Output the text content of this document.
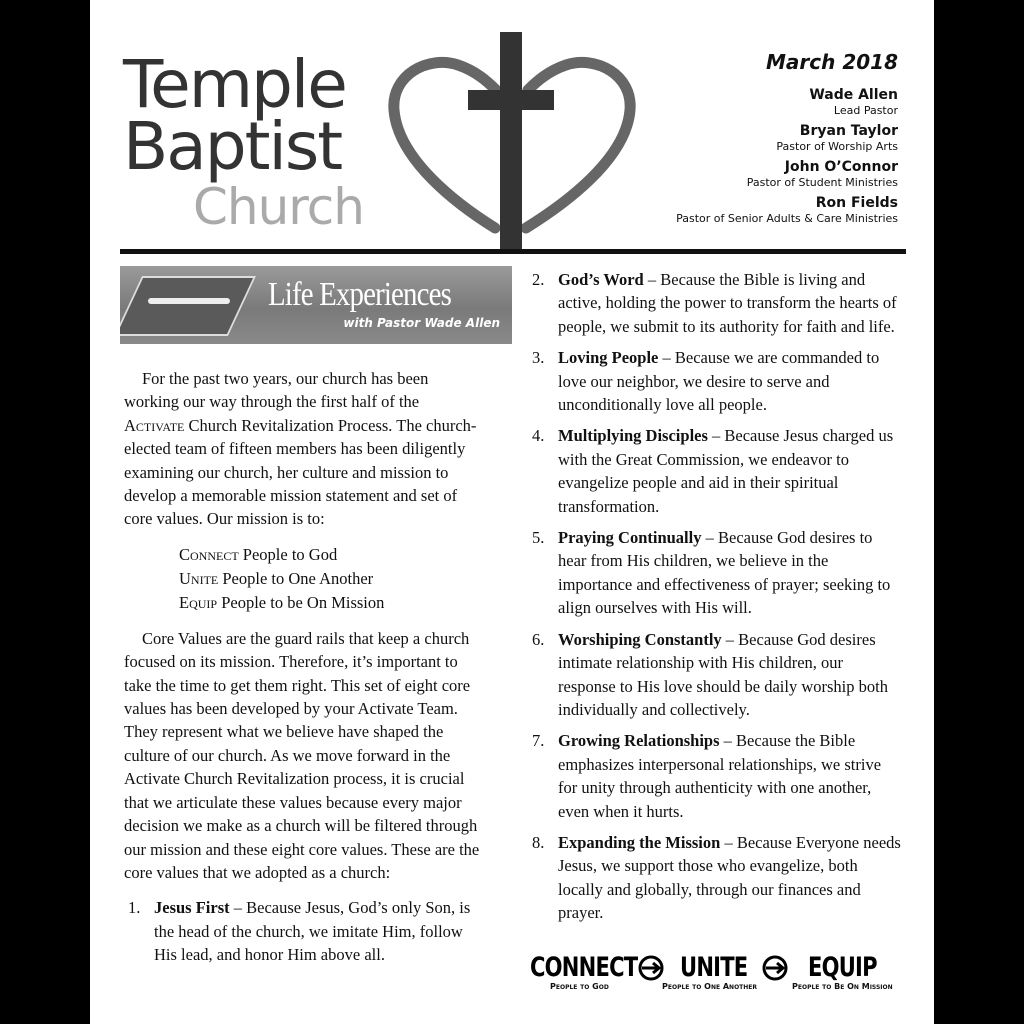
Temple
Baptist
Church
March 2018
Wade Allen
Lead Pastor
Bryan Taylor
Pastor of Worship Arts
John O’Connor
Pastor of Student Ministries
Ron Fields
Pastor of Senior Adults & Care Ministries
Life Experiences
with Pastor Wade Allen

For the past two years, our church has been working our way through the first half of the Activate Church Revitalization Process. The church-elected team of fifteen members has been diligently examining our church, her culture and mission to develop a memorable mission statement and set of core values. Our mission is to:

Connect People to God
Unite People to One Another
Equip People to be On Mission

Core Values are the guard rails that keep a church focused on its mission. Therefore, it’s important to take the time to get them right. This set of eight core values has been developed by your Activate Team. They represent what we believe have shaped the culture of our church. As we move forward in the Activate Church Revitalization process, it is crucial that we articulate these values because every major decision we make as a church will be filtered through our mission and these eight core values. These are the core values that we adopted as a church:

1. Jesus First – Because Jesus, God’s only Son, is the head of the church, we imitate Him, follow His lead, and honor Him above all.
2. God’s Word – Because the Bible is living and active, holding the power to transform the hearts of people, we submit to its authority for faith and life.
3. Loving People – Because we are commanded to love our neighbor, we desire to serve and unconditionally love all people.
4. Multiplying Disciples – Because Jesus charged us with the Great Commission, we endeavor to evangelize people and aid in their spiritual transformation.
5. Praying Continually – Because God desires to hear from His children, we believe in the importance and effectiveness of prayer; seeking to align ourselves with His will.
6. Worshiping Constantly – Because God desires intimate relationship with His children, our response to His love should be daily worship both individually and collectively.
7. Growing Relationships – Because the Bible emphasizes interpersonal relationships, we strive for unity through authenticity with one another, even when it hurts.
8. Expanding the Mission – Because Everyone needs Jesus, we support those who evangelize, both locally and globally, through our finances and prayer.
CONNECT
People to God
UNITE
People to One Another
EQUIP
People to Be On Mission
